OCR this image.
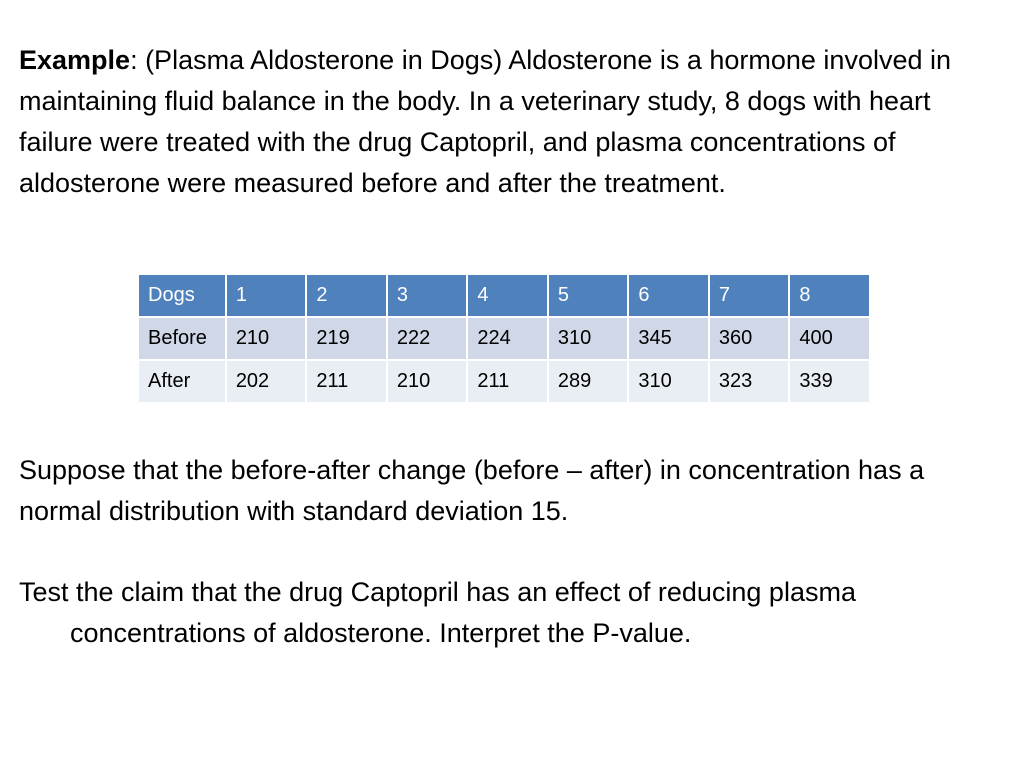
Example: (Plasma Aldosterone in Dogs) Aldosterone is a hormone involved in maintaining fluid balance in the body. In a veterinary study, 8 dogs with heart failure were treated with the drug Captopril, and plasma concentrations of aldosterone were measured before and after the treatment.
Dogs	1	2	3	4	5	6	7	8
Before	210	219	222	224	310	345	360	400
After	202	211	210	211	289	310	323	339
Suppose that the before-after change (before – after) in concentration has a normal distribution with standard deviation 15.
Test the claim that the drug Captopril has an effect of reducing plasma
concentrations of aldosterone. Interpret the P-value.
